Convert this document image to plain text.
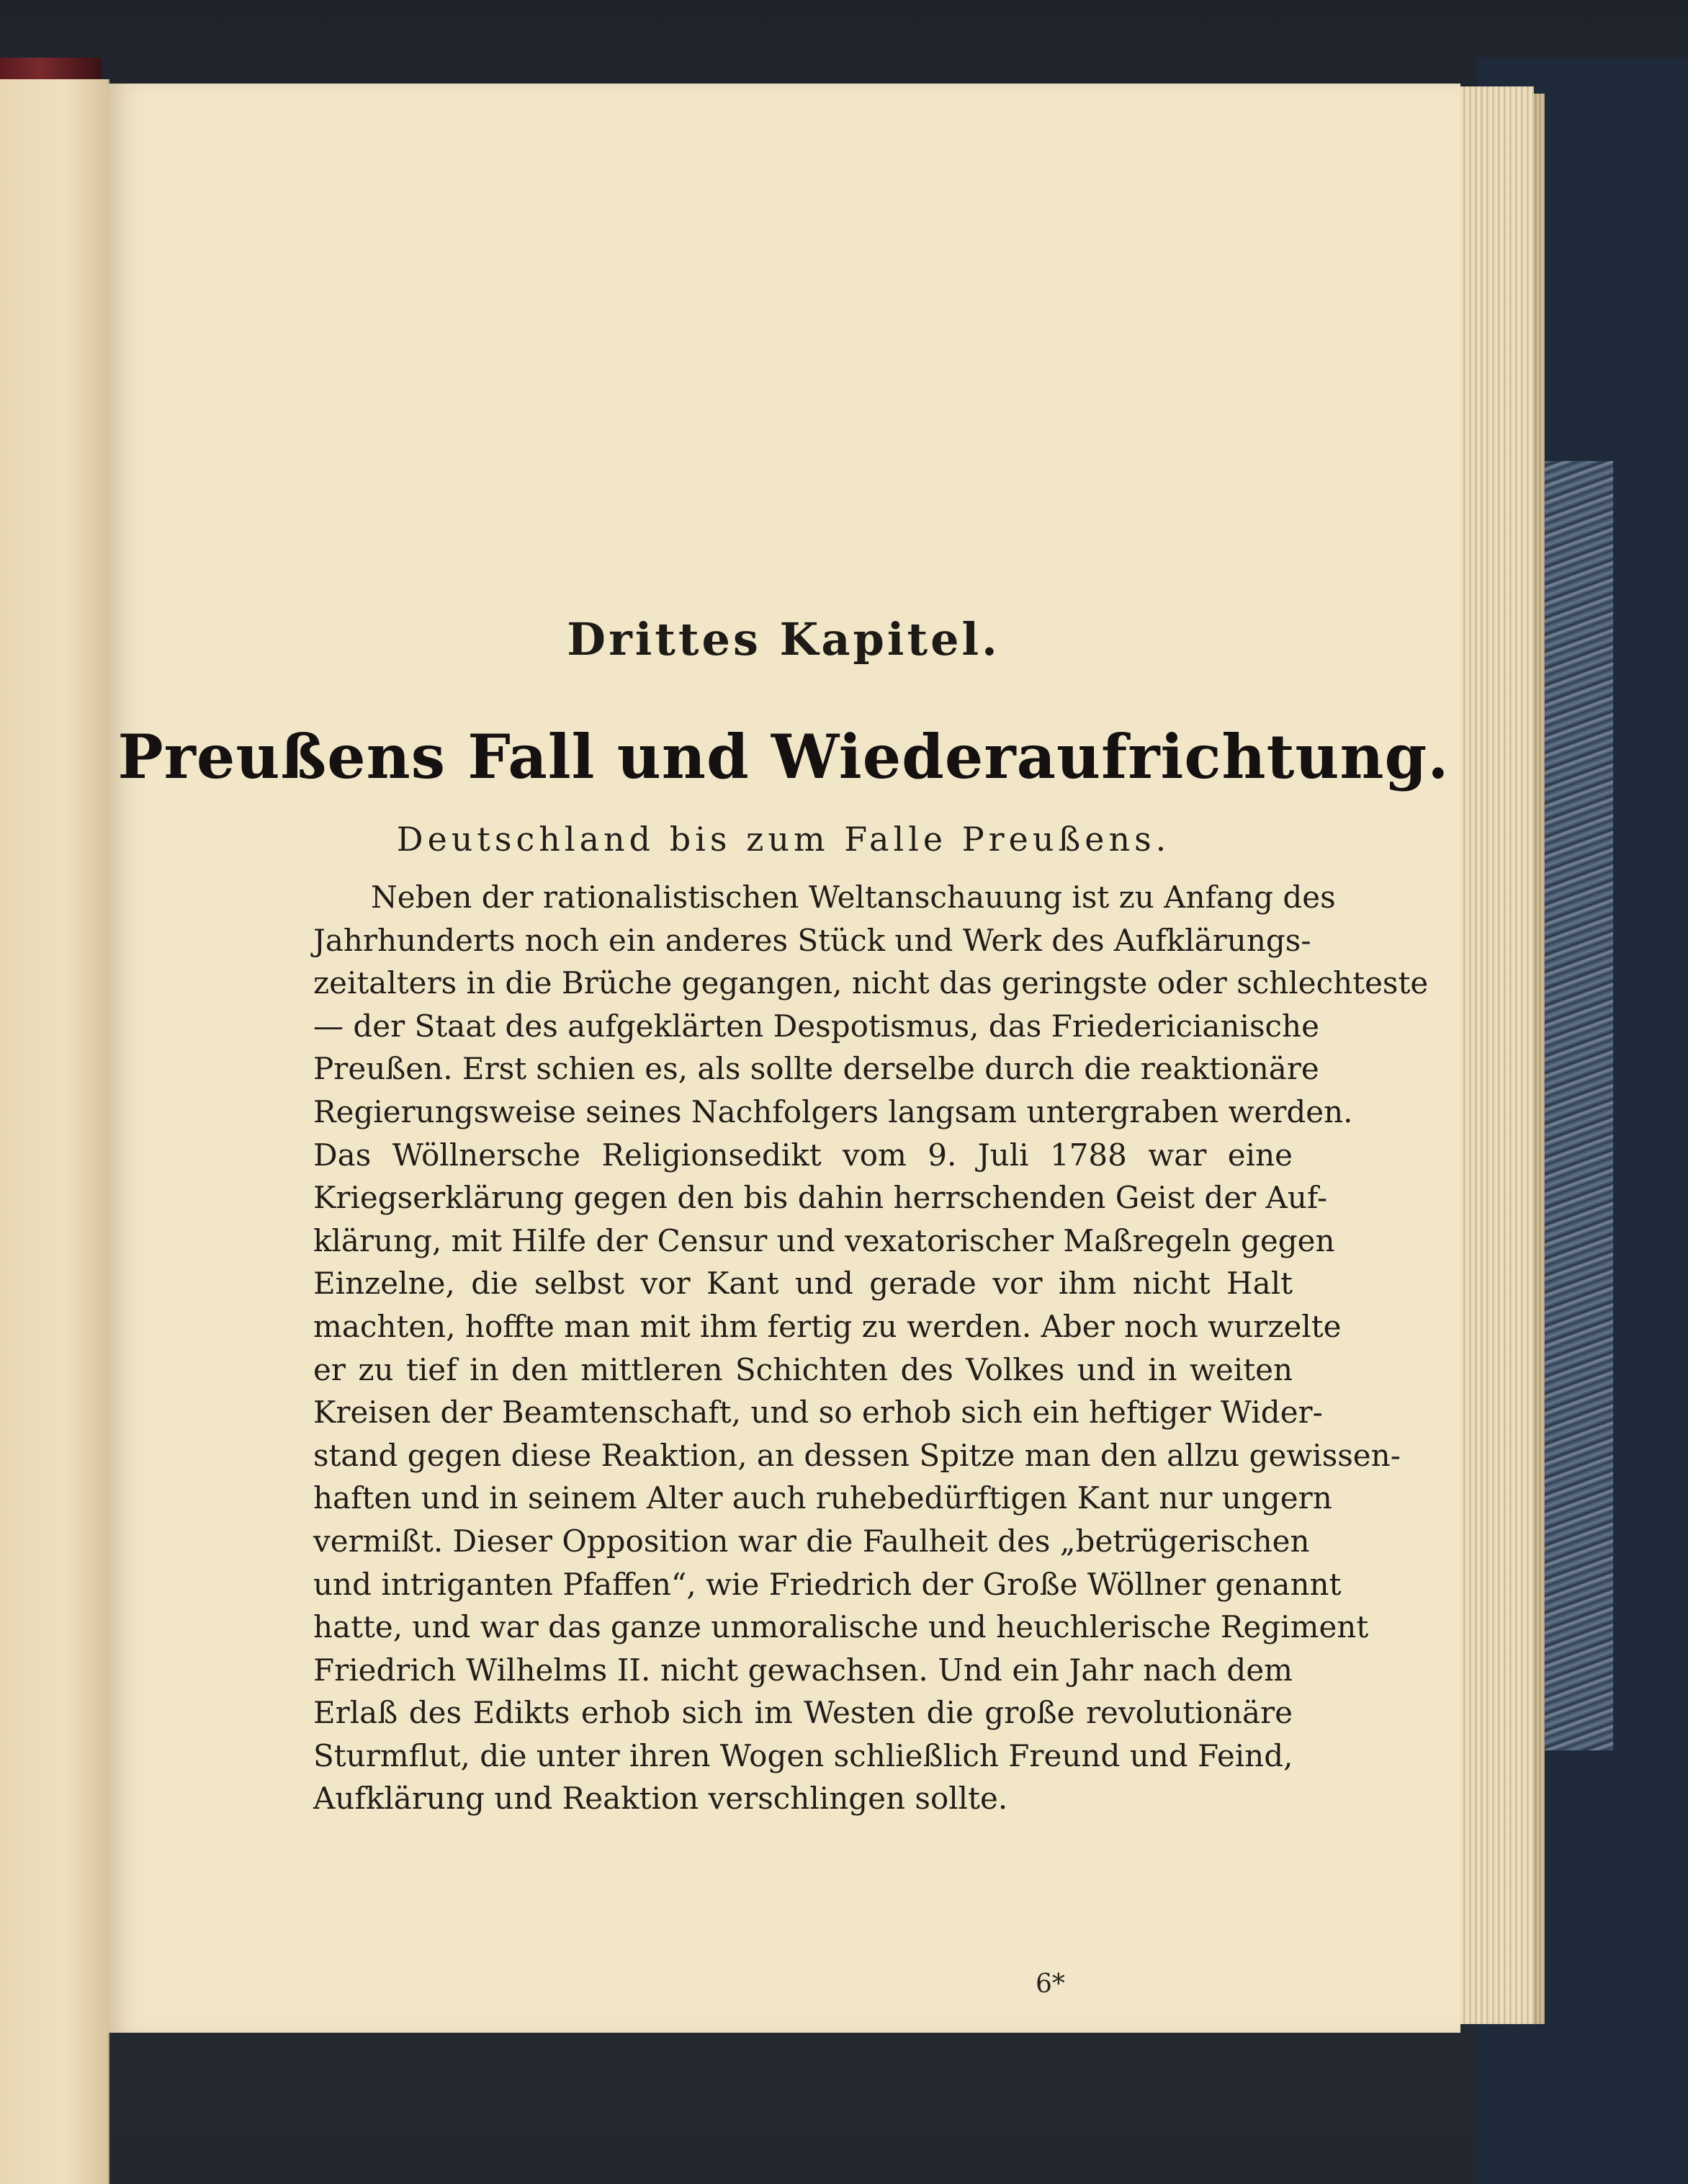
Drittes Kapitel.
Preußens Fall und Wiederaufrichtung.
Deutschland bis zum Falle Preußens.
Neben der rationalistischen Weltanschauung ist zu Anfang des
Jahrhunderts noch ein anderes Stück und Werk des Aufklärungs-
zeitalters in die Brüche gegangen, nicht das geringste oder schlechteste
— der Staat des aufgeklärten Despotismus, das Friedericianische
Preußen. Erst schien es, als sollte derselbe durch die reaktionäre
Regierungsweise seines Nachfolgers langsam untergraben werden.
Das Wöllnersche Religionsedikt vom 9. Juli 1788 war eine
Kriegserklärung gegen den bis dahin herrschenden Geist der Auf-
klärung, mit Hilfe der Censur und vexatorischer Maßregeln gegen
Einzelne, die selbst vor Kant und gerade vor ihm nicht Halt
machten, hoffte man mit ihm fertig zu werden. Aber noch wurzelte
er zu tief in den mittleren Schichten des Volkes und in weiten
Kreisen der Beamtenschaft, und so erhob sich ein heftiger Wider-
stand gegen diese Reaktion, an dessen Spitze man den allzu gewissen-
haften und in seinem Alter auch ruhebedürftigen Kant nur ungern
vermißt. Dieser Opposition war die Faulheit des „betrügerischen
und intriganten Pfaffen“, wie Friedrich der Große Wöllner genannt
hatte, und war das ganze unmoralische und heuchlerische Regiment
Friedrich Wilhelms II. nicht gewachsen. Und ein Jahr nach dem
Erlaß des Edikts erhob sich im Westen die große revolutionäre
Sturmflut, die unter ihren Wogen schließlich Freund und Feind,
Aufklärung und Reaktion verschlingen sollte.
6*
